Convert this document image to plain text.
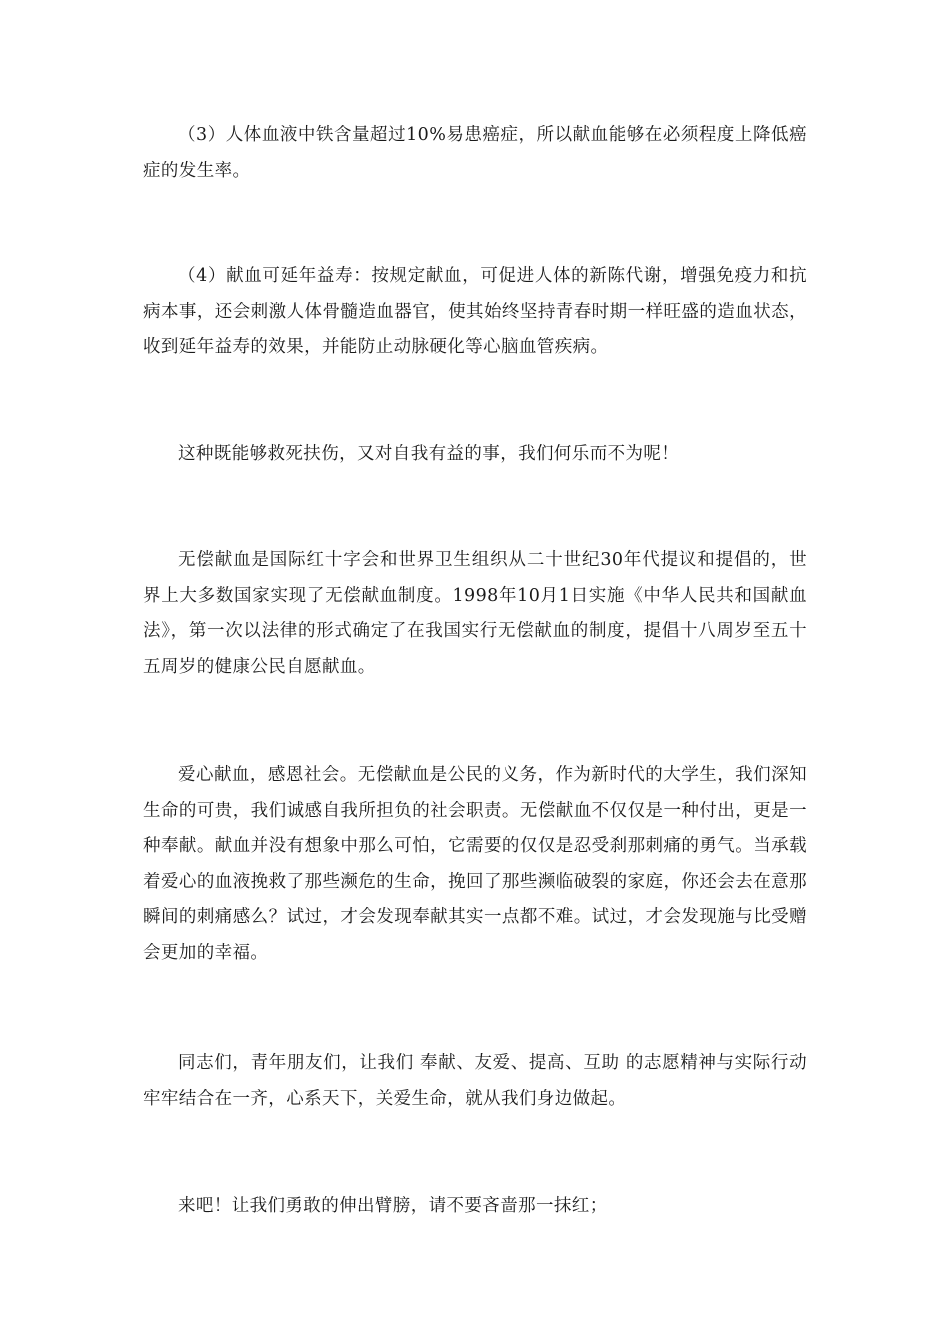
（3）人体血液中铁含量超过10%易患癌症，所以献血能够在必须程度上降低癌症的发生率。

（4）献血可延年益寿：按规定献血，可促进人体的新陈代谢，增强免疫力和抗病本事，还会刺激人体骨髓造血器官，使其始终坚持青春时期一样旺盛的造血状态，收到延年益寿的效果，并能防止动脉硬化等心脑血管疾病。

这种既能够救死扶伤，又对自我有益的事，我们何乐而不为呢！

无偿献血是国际红十字会和世界卫生组织从二十世纪30年代提议和提倡的，世界上大多数国家实现了无偿献血制度。1998年10月1日实施《中华人民共和国献血法》，第一次以法律的形式确定了在我国实行无偿献血的制度，提倡十八周岁至五十五周岁的健康公民自愿献血。

爱心献血，感恩社会。无偿献血是公民的义务，作为新时代的大学生，我们深知生命的可贵，我们诚感自我所担负的社会职责。无偿献血不仅仅是一种付出，更是一种奉献。献血并没有想象中那么可怕，它需要的仅仅是忍受刹那刺痛的勇气。当承载着爱心的血液挽救了那些濒危的生命，挽回了那些濒临破裂的家庭，你还会去在意那瞬间的刺痛感么？试过，才会发现奉献其实一点都不难。试过，才会发现施与比受赠会更加的幸福。

同志们，青年朋友们，让我们 奉献、友爱、提高、互助 的志愿精神与实际行动牢牢结合在一齐，心系天下，关爱生命，就从我们身边做起。

来吧！让我们勇敢的伸出臂膀，请不要吝啬那一抹红；
